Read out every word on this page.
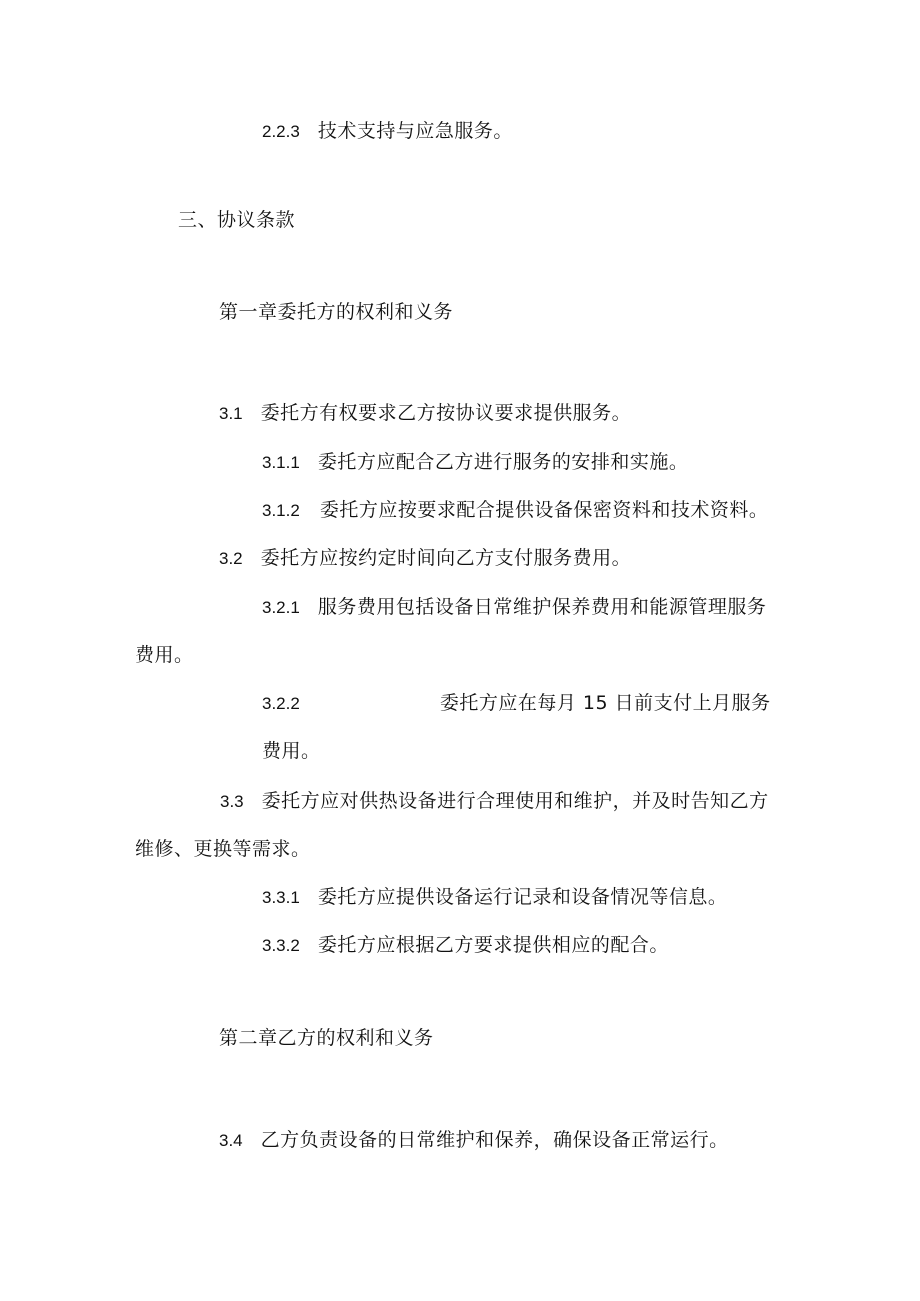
2.2.3 技术支持与应急服务。
三、协议条款
第一章委托方的权利和义务
3.1 委托方有权要求乙方按协议要求提供服务。
3.1.1 委托方应配合乙方进行服务的安排和实施。
3.1.2 委托方应按要求配合提供设备保密资料和技术资料。
3.2 委托方应按约定时间向乙方支付服务费用。
3.2.1 服务费用包括设备日常维护保养费用和能源管理服务
费用。
3.2.2	委托方应在每月 15 日前支付上月服务
费用。
3.3 委托方应对供热设备进行合理使用和维护，并及时告知乙方
维修、更换等需求。
3.3.1 委托方应提供设备运行记录和设备情况等信息。
3.3.2 委托方应根据乙方要求提供相应的配合。
第二章乙方的权利和义务
3.4 乙方负责设备的日常维护和保养，确保设备正常运行。
